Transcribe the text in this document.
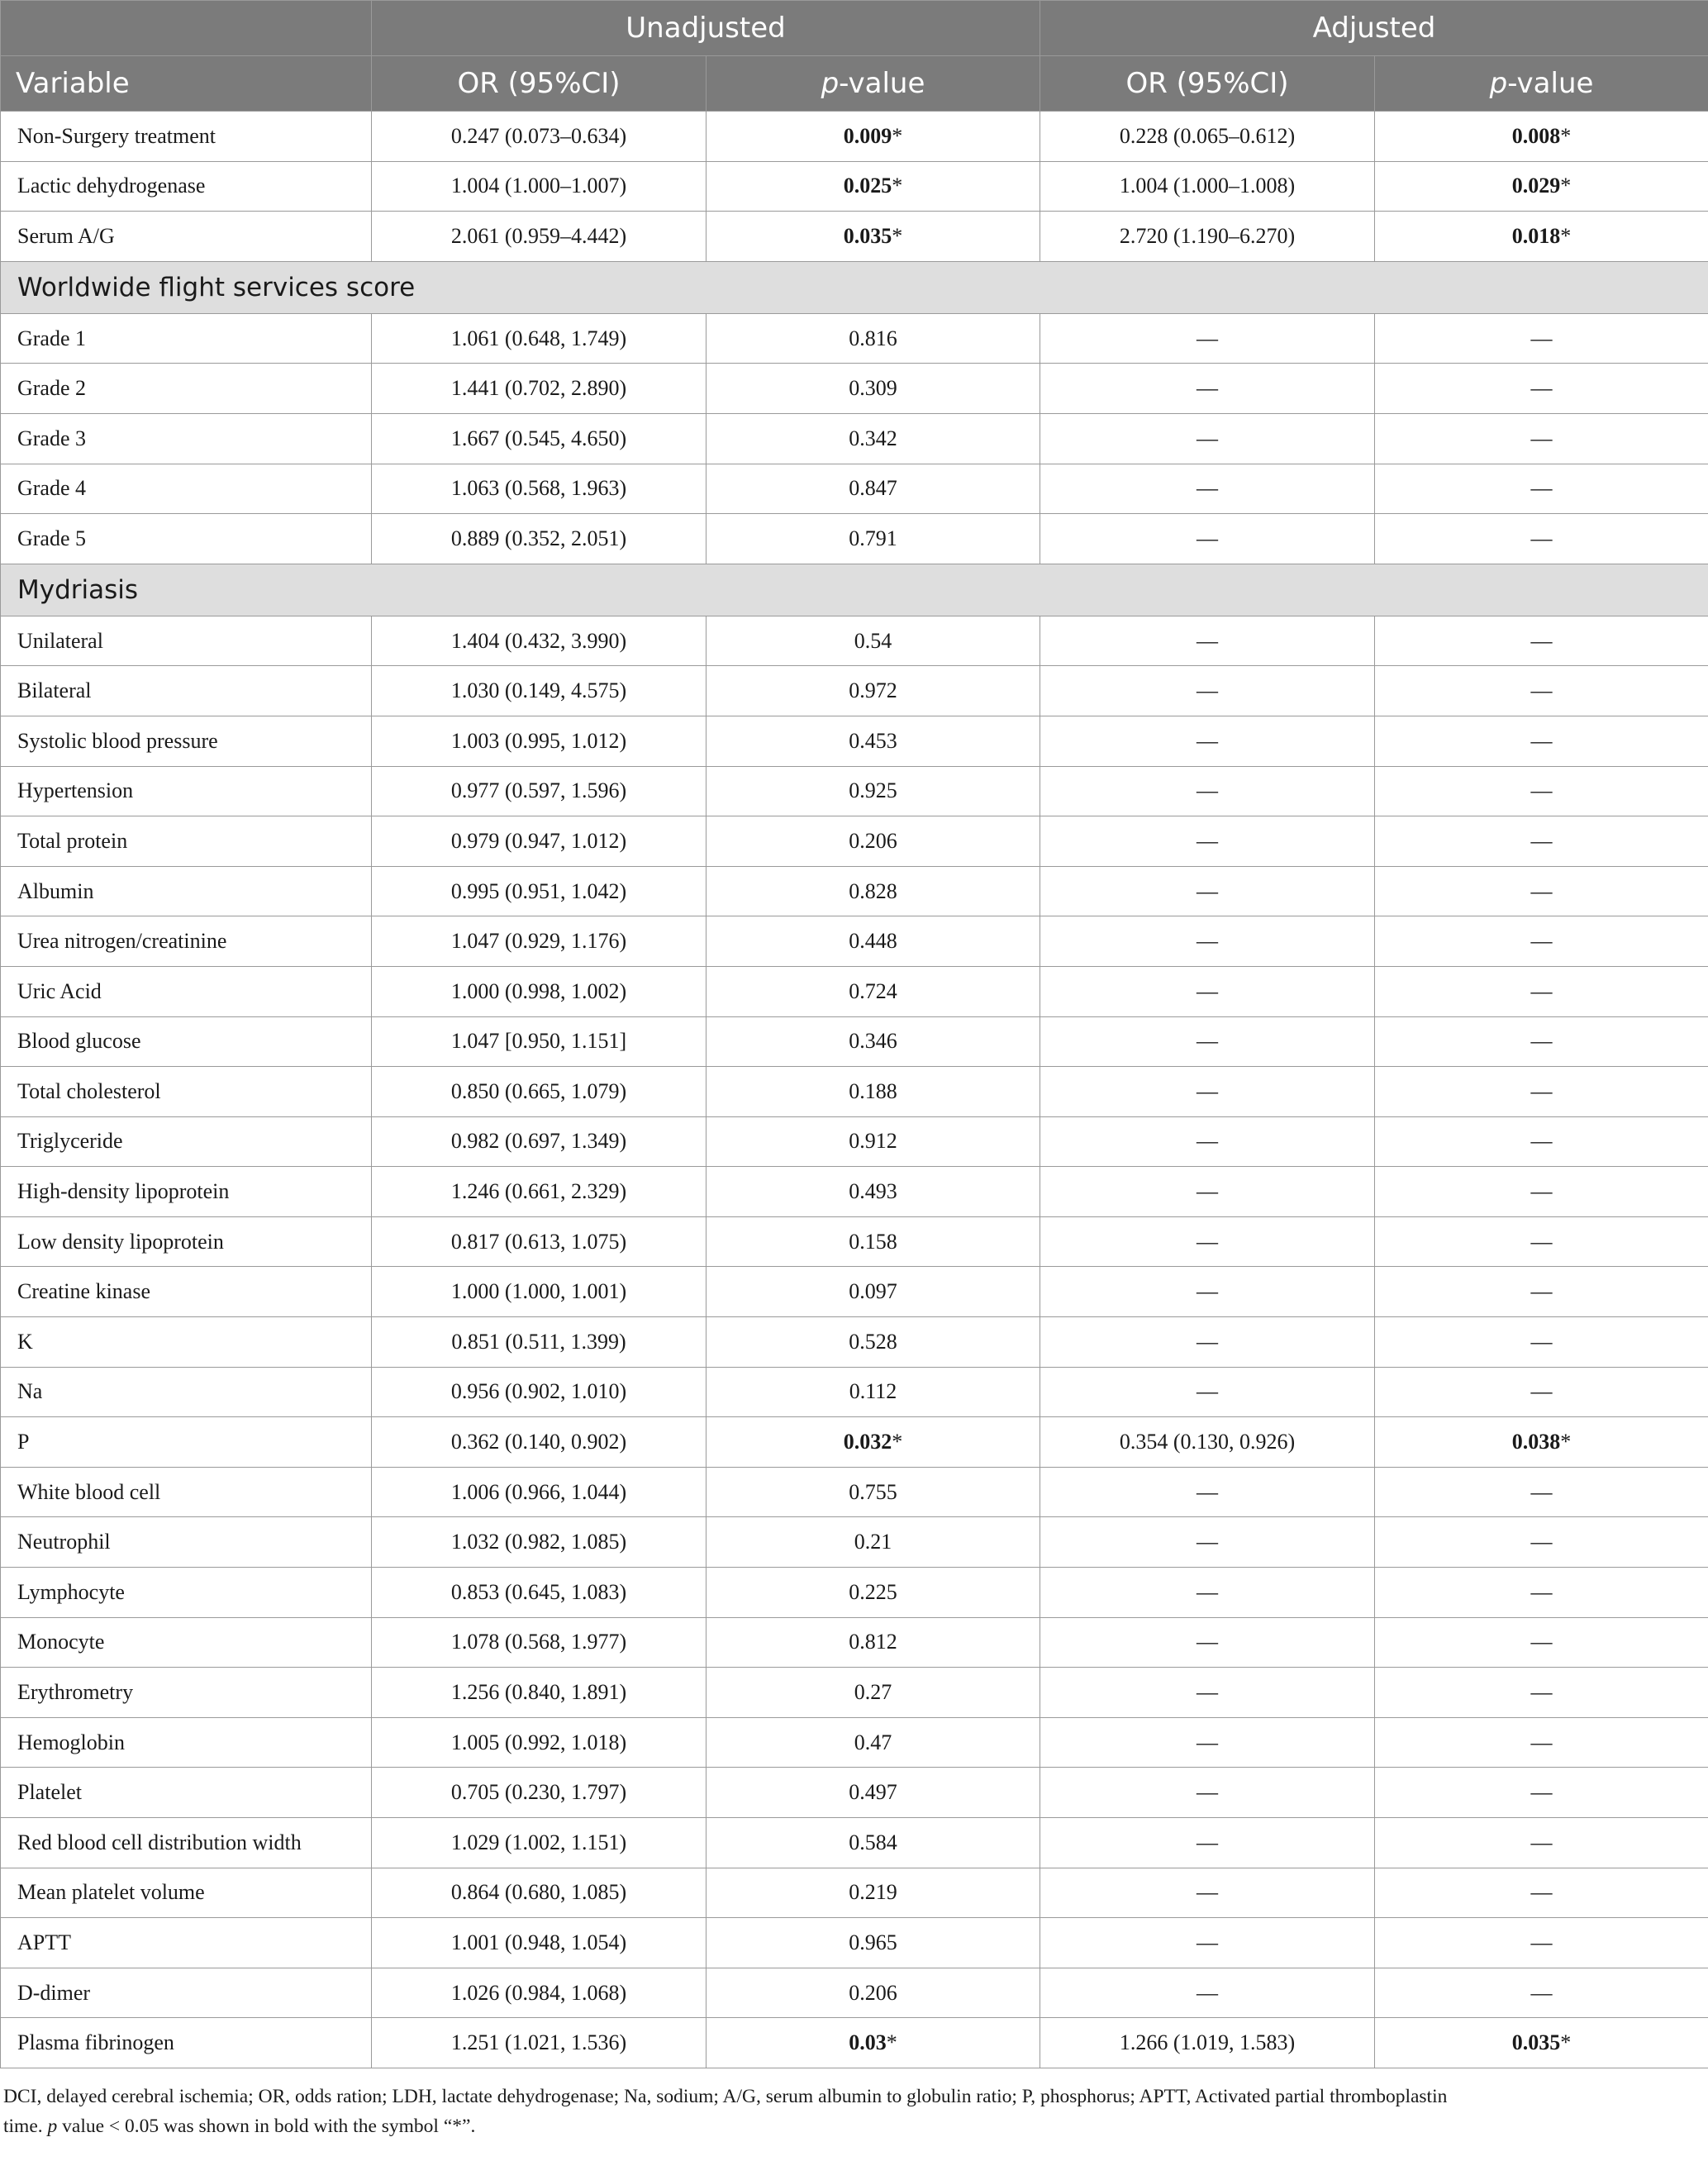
	Unadjusted		Adjusted	
Variable	OR (95%CI)	p-value	OR (95%CI)	p-value
Non-Surgery treatment	0.247 (0.073–0.634)	0.009*	0.228 (0.065–0.612)	0.008*
Lactic dehydrogenase	1.004 (1.000–1.007)	0.025*	1.004 (1.000–1.008)	0.029*
Serum A/G	2.061 (0.959–4.442)	0.035*	2.720 (1.190–6.270)	0.018*
Worldwide flight services score				
Grade 1	1.061 (0.648, 1.749)	0.816	—	—
Grade 2	1.441 (0.702, 2.890)	0.309	—	—
Grade 3	1.667 (0.545, 4.650)	0.342	—	—
Grade 4	1.063 (0.568, 1.963)	0.847	—	—
Grade 5	0.889 (0.352, 2.051)	0.791	—	—
Mydriasis				
Unilateral	1.404 (0.432, 3.990)	0.54	—	—
Bilateral	1.030 (0.149, 4.575)	0.972	—	—
Systolic blood pressure	1.003 (0.995, 1.012)	0.453	—	—
Hypertension	0.977 (0.597, 1.596)	0.925	—	—
Total protein	0.979 (0.947, 1.012)	0.206	—	—
Albumin	0.995 (0.951, 1.042)	0.828	—	—
Urea nitrogen/creatinine	1.047 (0.929, 1.176)	0.448	—	—
Uric Acid	1.000 (0.998, 1.002)	0.724	—	—
Blood glucose	1.047 [0.950, 1.151]	0.346	—	—
Total cholesterol	0.850 (0.665, 1.079)	0.188	—	—
Triglyceride	0.982 (0.697, 1.349)	0.912	—	—
High-density lipoprotein	1.246 (0.661, 2.329)	0.493	—	—
Low density lipoprotein	0.817 (0.613, 1.075)	0.158	—	—
Creatine kinase	1.000 (1.000, 1.001)	0.097	—	—
K	0.851 (0.511, 1.399)	0.528	—	—
Na	0.956 (0.902, 1.010)	0.112	—	—
P	0.362 (0.140, 0.902)	0.032*	0.354 (0.130, 0.926)	0.038*
White blood cell	1.006 (0.966, 1.044)	0.755	—	—
Neutrophil	1.032 (0.982, 1.085)	0.21	—	—
Lymphocyte	0.853 (0.645, 1.083)	0.225	—	—
Monocyte	1.078 (0.568, 1.977)	0.812	—	—
Erythrometry	1.256 (0.840, 1.891)	0.27	—	—
Hemoglobin	1.005 (0.992, 1.018)	0.47	—	—
Platelet	0.705 (0.230, 1.797)	0.497	—	—
Red blood cell distribution width	1.029 (1.002, 1.151)	0.584	—	—
Mean platelet volume	0.864 (0.680, 1.085)	0.219	—	—
APTT	1.001 (0.948, 1.054)	0.965	—	—
D-dimer	1.026 (0.984, 1.068)	0.206	—	—
Plasma fibrinogen	1.251 (1.021, 1.536)	0.03*	1.266 (1.019, 1.583)	0.035*
DCI, delayed cerebral ischemia; OR, odds ration; LDH, lactate dehydrogenase; Na, sodium; A/G, serum albumin to globulin ratio; P, phosphorus; APTT, Activated partial thromboplastin
time. p value < 0.05 was shown in bold with the symbol “*”.
